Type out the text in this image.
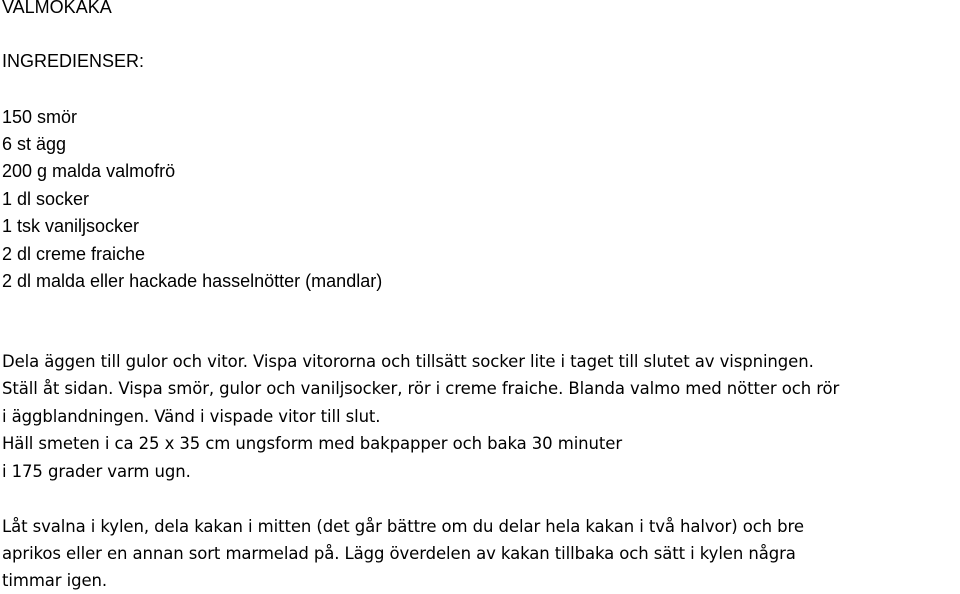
VALMOKAKA
INGREDIENSER:
150 smör
6 st ägg
200 g malda valmofrö
1 dl socker
1 tsk vaniljsocker
2 dl creme fraiche
2 dl malda eller hackade hasselnötter (mandlar)
Dela äggen till gulor och vitor. Vispa vitororna och tillsätt socker lite i taget till slutet av vispningen.
Ställ åt sidan. Vispa smör, gulor och vaniljsocker, rör i creme fraiche. Blanda valmo med nötter och rör
i äggblandningen. Vänd i vispade vitor till slut.
Häll smeten i ca 25 x 35 cm ungsform med bakpapper och baka 30 minuter
i 175 grader varm ugn.
Låt svalna i kylen, dela kakan i mitten (det går bättre om du delar hela kakan i två halvor) och bre
aprikos eller en annan sort marmelad på. Lägg överdelen av kakan tillbaka och sätt i kylen några
timmar igen.
